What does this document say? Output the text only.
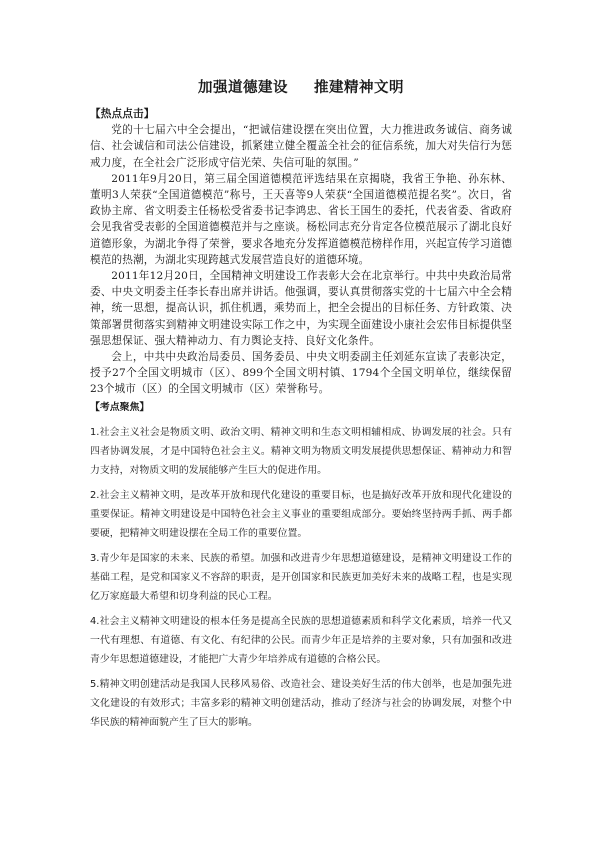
加强道德建设 推建精神文明

【热点点击】

党的十七届六中全会提出，“把诚信建设摆在突出位置，大力推进政务诚信、商务诚信、社会诚信和司法公信建设，抓紧建立健全覆盖全社会的征信系统，加大对失信行为惩戒力度，在全社会广泛形成守信光荣、失信可耻的氛围。”

2011年9月20日，第三届全国道德模范评选结果在京揭晓，我省王争艳、孙东林、董明3人荣获“全国道德模范”称号，王天喜等9人荣获“全国道德模范提名奖”。次日，省政协主席、省文明委主任杨松受省委书记李鸿忠、省长王国生的委托，代表省委、省政府会见我省受表彰的全国道德模范并与之座谈。杨松同志充分肯定各位模范展示了湖北良好道德形象，为湖北争得了荣誉，要求各地充分发挥道德模范榜样作用，兴起宣传学习道德模范的热潮，为湖北实现跨越式发展营造良好的道德环境。

2011年12月20日，全国精神文明建设工作表彰大会在北京举行。中共中央政治局常委、中央文明委主任李长春出席并讲话。他强调，要认真贯彻落实党的十七届六中全会精神，统一思想，提高认识，抓住机遇，乘势而上，把全会提出的目标任务、方针政策、决策部署贯彻落实到精神文明建设实际工作之中，为实现全面建设小康社会宏伟目标提供坚强思想保证、强大精神动力、有力舆论支持、良好文化条件。

会上，中共中央政治局委员、国务委员、中央文明委副主任刘延东宣读了表彰决定，授予27个全国文明城市（区）、899个全国文明村镇、1794个全国文明单位，继续保留23个城市（区）的全国文明城市（区）荣誉称号。

【考点聚焦】

1.社会主义社会是物质文明、政治文明、精神文明和生态文明相辅相成、协调发展的社会。只有四者协调发展，才是中国特色社会主义。精神文明为物质文明发展提供思想保证、精神动力和智力支持，对物质文明的发展能够产生巨大的促进作用。

2.社会主义精神文明，是改革开放和现代化建设的重要目标，也是搞好改革开放和现代化建设的重要保证。精神文明建设是中国特色社会主义事业的重要组成部分。要始终坚持两手抓、两手都要硬，把精神文明建设摆在全局工作的重要位置。

3.青少年是国家的未来、民族的希望。加强和改进青少年思想道德建设，是精神文明建设工作的基础工程，是党和国家义不容辞的职责，是开创国家和民族更加美好未来的战略工程，也是实现亿万家庭最大希望和切身利益的民心工程。

4.社会主义精神文明建设的根本任务是提高全民族的思想道德素质和科学文化素质，培养一代又一代有理想、有道德、有文化、有纪律的公民。而青少年正是培养的主要对象，只有加强和改进青少年思想道德建设，才能把广大青少年培养成有道德的合格公民。

5.精神文明创建活动是我国人民移风易俗、改造社会、建设美好生活的伟大创举，也是加强先进文化建设的有效形式；丰富多彩的精神文明创建活动，推动了经济与社会的协调发展，对整个中华民族的精神面貌产生了巨大的影响。
